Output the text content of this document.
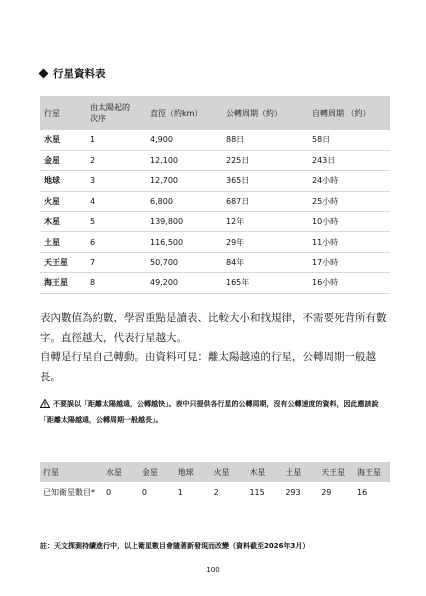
行星資料表
行星	由太陽起的次序	直徑（約km）	公轉周期（約）	自轉周期 （約）
水星	1	4,900	88日	58日
金星	2	12,100	225日	243日
地球	3	12,700	365日	24小時
火星	4	6,800	687日	25小時
木星	5	139,800	12年	10小時
土星	6	116,500	29年	11小時
天王星	7	50,700	84年	17小時
海王星	8	49,200	165年	16小時

表內數值為約數，學習重點是讀表、比較大小和找規律，不需要死背所有數字。直徑越大，代表行星越大。

自轉是行星自己轉動。由資料可見：離太陽越遠的行星，公轉周期一般越長。

不要誤以「距離太陽越遠，公轉越快」。表中只提供各行星的公轉周期，沒有公轉速度的資料，因此應該說「距離太陽越遠，公轉周期一般越長」。
行星	水星	金星	地球	火星	木星	土星	天王星	海王星
已知衛星數目*	0	0	1	2	115	293	29	16
註：天文探測持續進行中，以上衛星數目會隨著新發現而改變（資料截至2026年3月）
100
